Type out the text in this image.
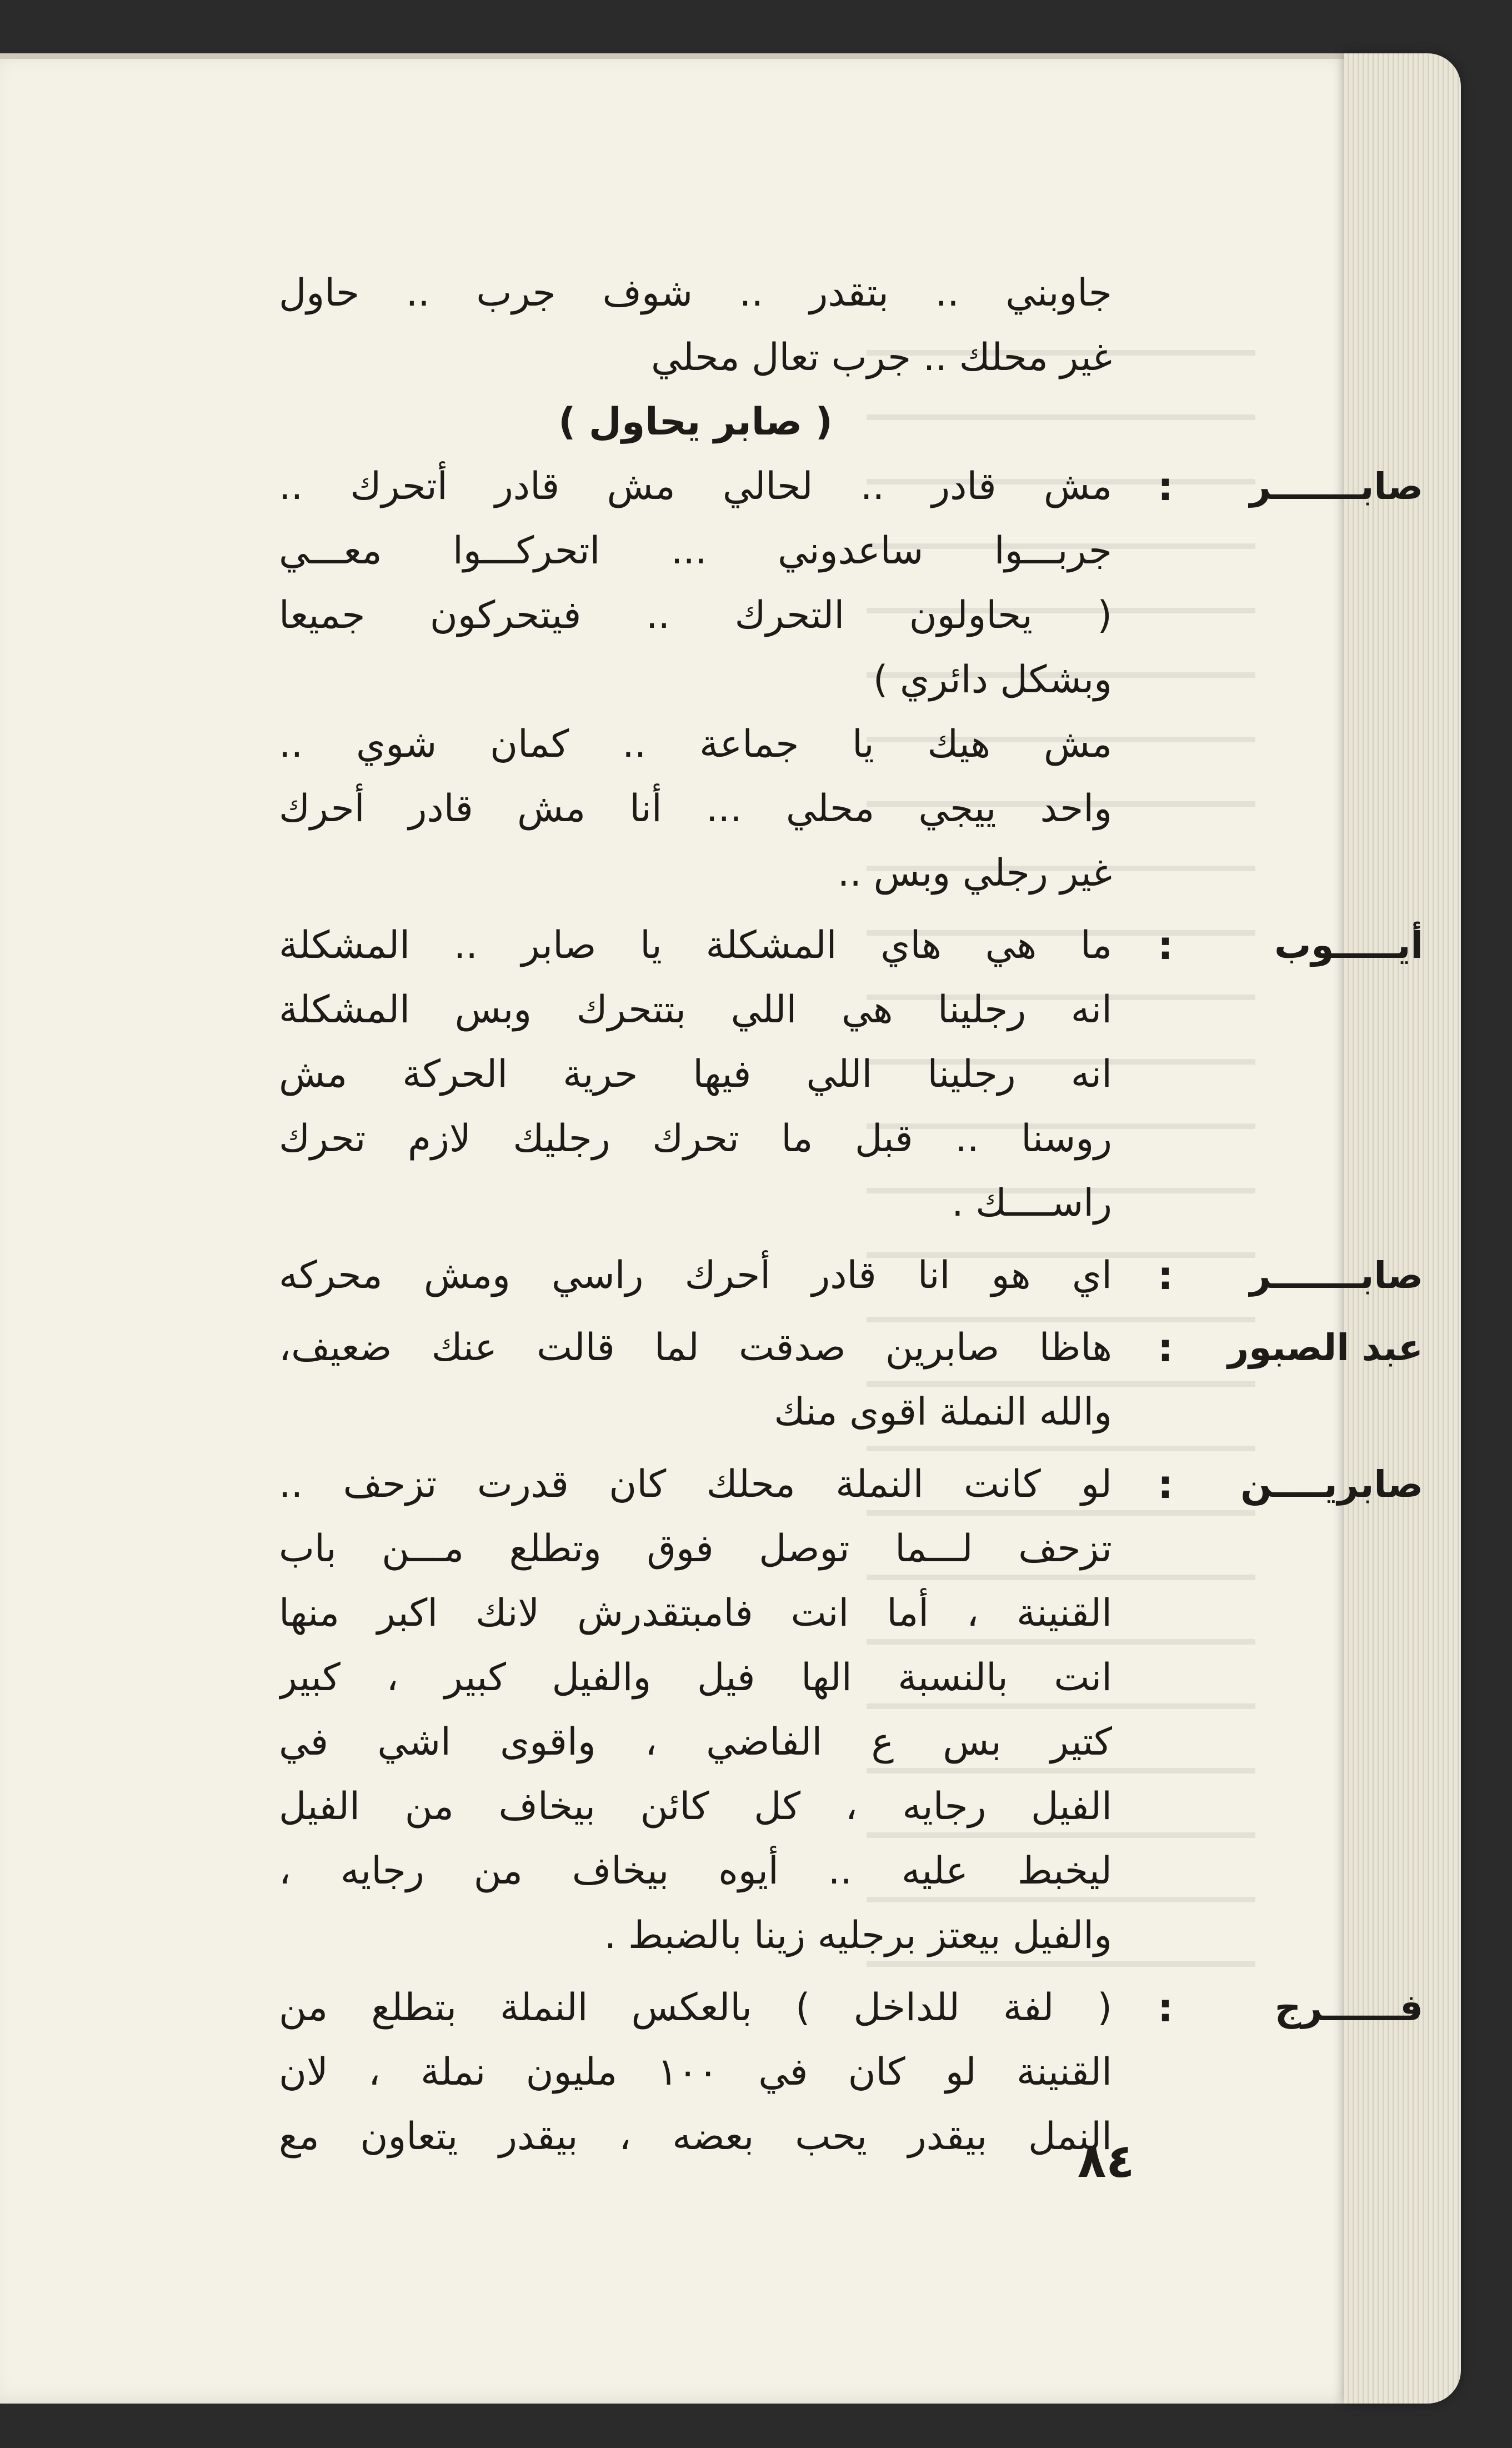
جاوبني .. بتقدر .. شوف جرب .. حاول
غير محلك .. جرب تعال محلي
( صابر يحاول )
صابـــــــر
:
مش قادر .. لحالي مش قادر أتحرك ..
جربـــوا ساعدوني ... اتحركـــوا معـــي
( يحاولون التحرك .. فيتحركون جميعا
وبشكل دائري )
مش هيك يا جماعة .. كمان شوي ..
واحد ييجي محلي ... أنا مش قادر أحرك
غير رجلي وبس ..
أيـــــوب
:
ما هي هاي المشكلة يا صابر .. المشكلة
انه رجلينا هي اللي بتتحرك وبس المشكلة
انه رجلينا اللي فيها حرية الحركة مش
روسنا .. قبل ما تحرك رجليك لازم تحرك
راســــك .
صابـــــــر
:
اي هو انا قادر أحرك راسي ومش محركه
عبد الصبور
:
هاظا صابرين صدقت لما قالت عنك ضعيف،
والله النملة اقوى منك
صابريــــن
:
لو كانت النملة محلك كان قدرت تزحف ..
تزحف لـــما توصل فوق وتطلع مـــن باب
القنينة ، أما انت فامبتقدرش لانك اكبر منها
انت بالنسبة الها فيل والفيل كبير ، كبير
كتير بس ع الفاضي ، واقوى اشي في
الفيل رجايه ، كل كائن بيخاف من الفيل
ليخبط عليه .. أيوه بيخاف من رجايه ،
والفيل بيعتز برجليه زينا بالضبط .
فــــــرج
:
( لفة للداخل ) بالعكس النملة بتطلع من
القنينة لو كان في ١٠٠ مليون نملة ، لان
النمل بيقدر يحب بعضه ، بيقدر يتعاون مع
٨٤
